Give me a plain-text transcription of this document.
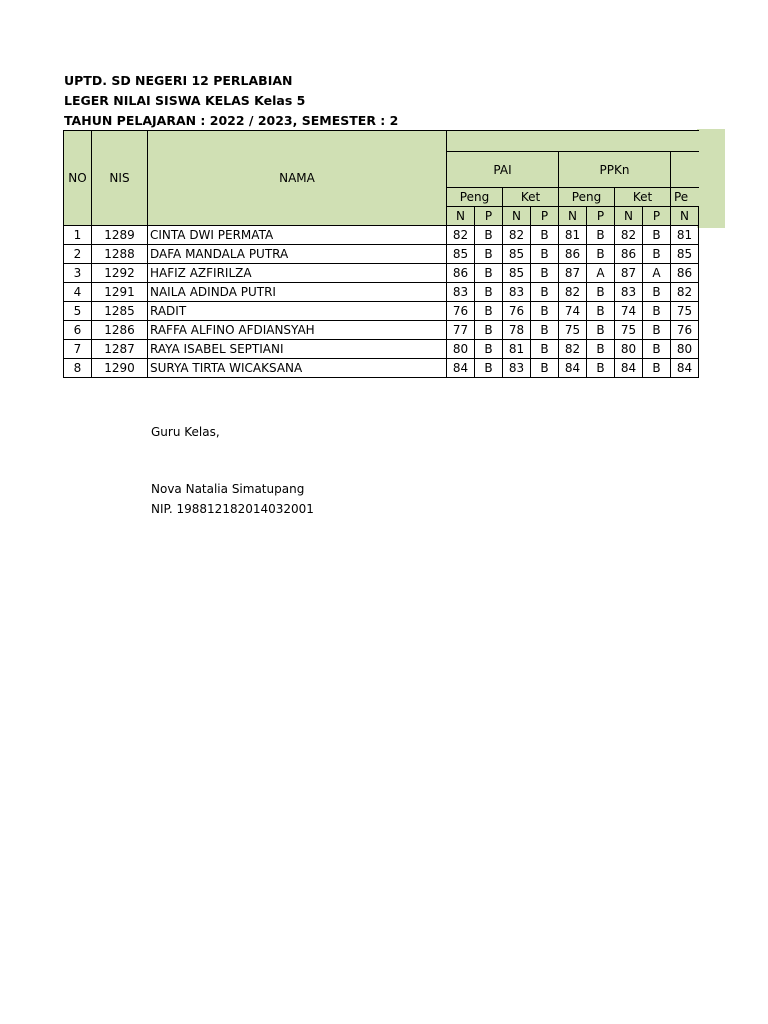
UPTD. SD NEGERI 12 PERLABIAN
LEGER NILAI SISWA KELAS Kelas 5
TAHUN PELAJARAN : 2022 / 2023, SEMESTER : 2
NO	NIS	NAMA									
			PAI				PPKn				
			Peng		Ket		Peng		Ket		Pe
			N	P	N	P	N	P	N	P	N
1	1289	CINTA DWI PERMATA	82	B	82	B	81	B	82	B	81
2	1288	DAFA MANDALA PUTRA	85	B	85	B	86	B	86	B	85
3	1292	HAFIZ AZFIRILZA	86	B	85	B	87	A	87	A	86
4	1291	NAILA ADINDA PUTRI	83	B	83	B	82	B	83	B	82
5	1285	RADIT	76	B	76	B	74	B	74	B	75
6	1286	RAFFA ALFINO AFDIANSYAH	77	B	78	B	75	B	75	B	76
7	1287	RAYA ISABEL SEPTIANI	80	B	81	B	82	B	80	B	80
8	1290	SURYA TIRTA WICAKSANA	84	B	83	B	84	B	84	B	84
Guru Kelas,
Nova Natalia Simatupang
NIP. 198812182014032001
